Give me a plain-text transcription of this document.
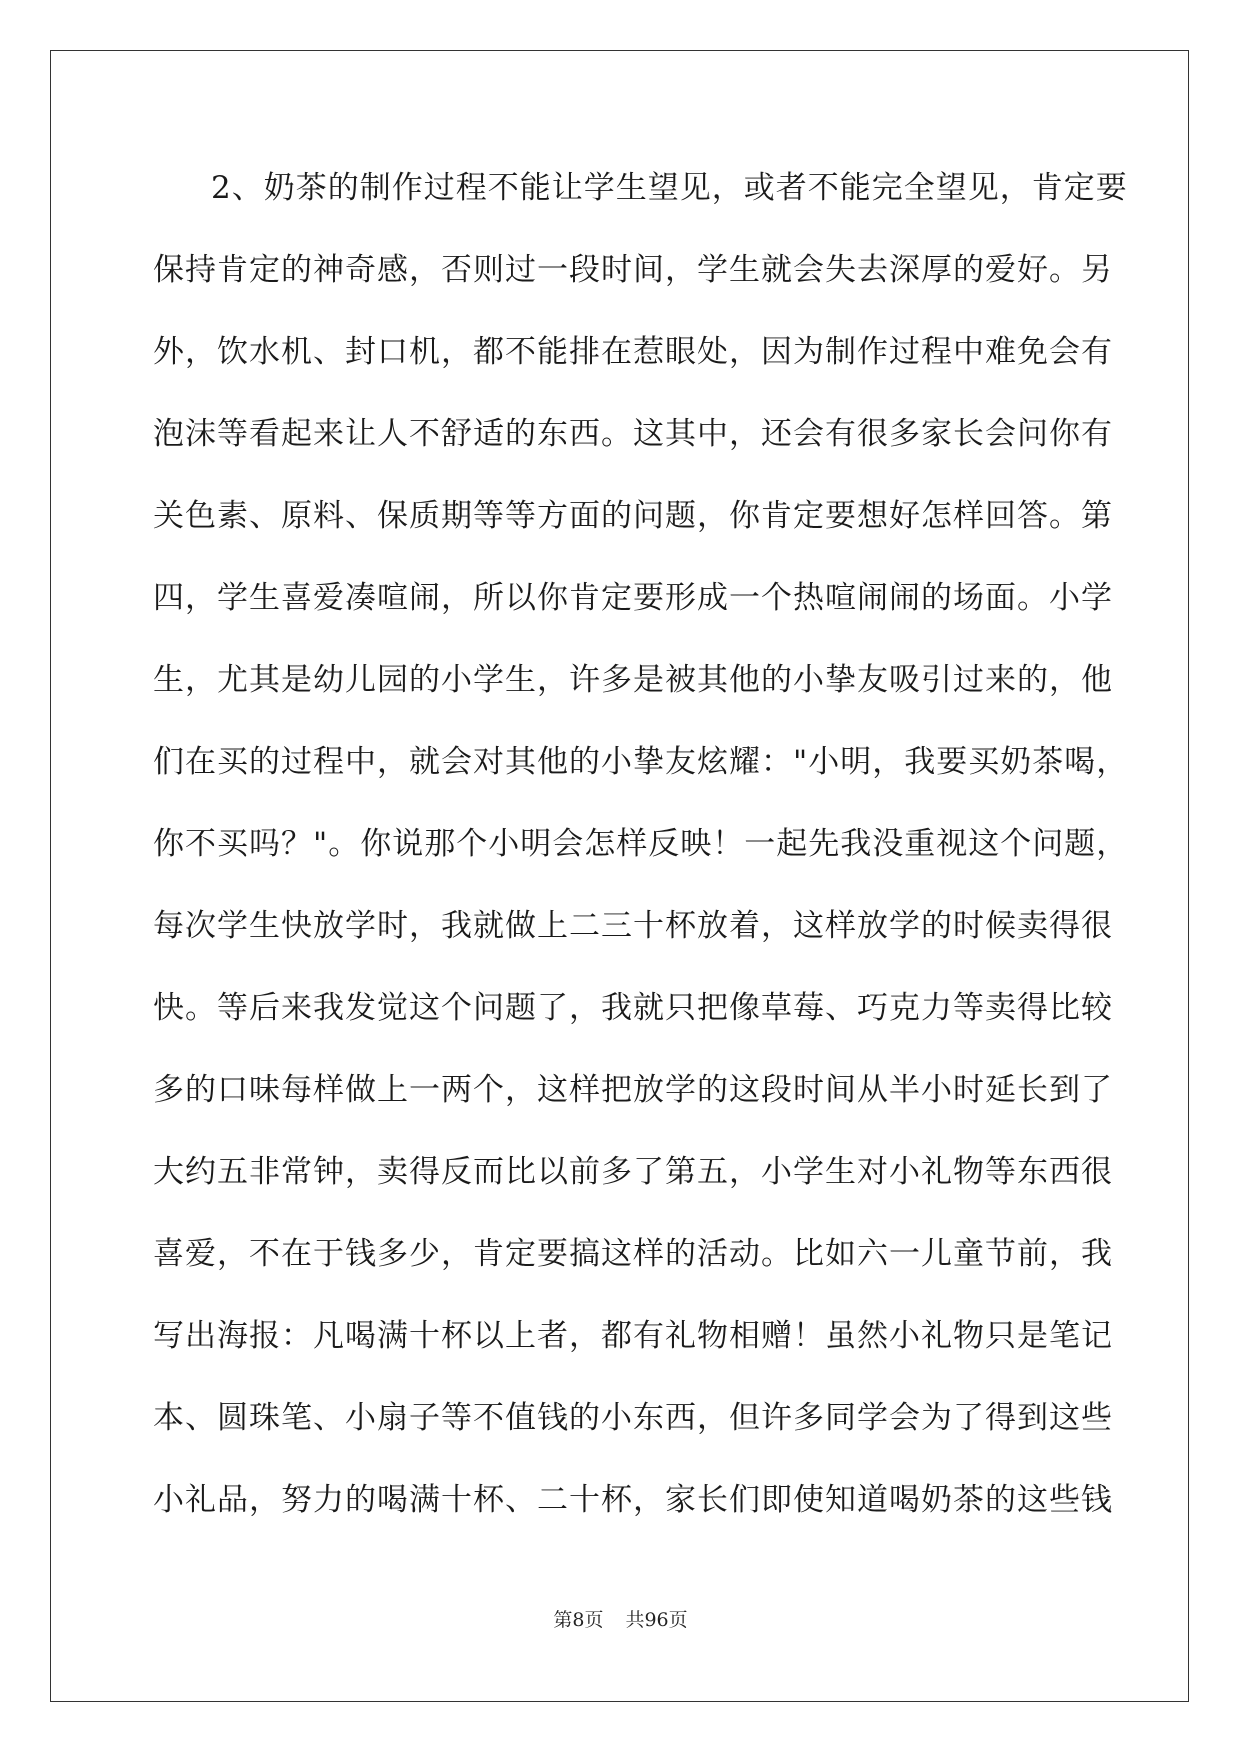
2、奶茶的制作过程不能让学生望见，或者不能完全望见，肯定要
保持肯定的神奇感，否则过一段时间，学生就会失去深厚的爱好。另
外，饮水机、封口机，都不能排在惹眼处，因为制作过程中难免会有
泡沫等看起来让人不舒适的东西。这其中，还会有很多家长会问你有
关色素、原料、保质期等等方面的问题，你肯定要想好怎样回答。第
四，学生喜爱凑喧闹，所以你肯定要形成一个热喧闹闹的场面。小学
生，尤其是幼儿园的小学生，许多是被其他的小挚友吸引过来的，他
们在买的过程中，就会对其他的小挚友炫耀："小明，我要买奶茶喝，
你不买吗？"。你说那个小明会怎样反映！一起先我没重视这个问题，
每次学生快放学时，我就做上二三十杯放着，这样放学的时候卖得很
快。等后来我发觉这个问题了，我就只把像草莓、巧克力等卖得比较
多的口味每样做上一两个，这样把放学的这段时间从半小时延长到了
大约五非常钟，卖得反而比以前多了第五，小学生对小礼物等东西很
喜爱，不在于钱多少，肯定要搞这样的活动。比如六一儿童节前，我
写出海报：凡喝满十杯以上者，都有礼物相赠！虽然小礼物只是笔记
本、圆珠笔、小扇子等不值钱的小东西，但许多同学会为了得到这些
小礼品，努力的喝满十杯、二十杯，家长们即使知道喝奶茶的这些钱
第8页 共96页
